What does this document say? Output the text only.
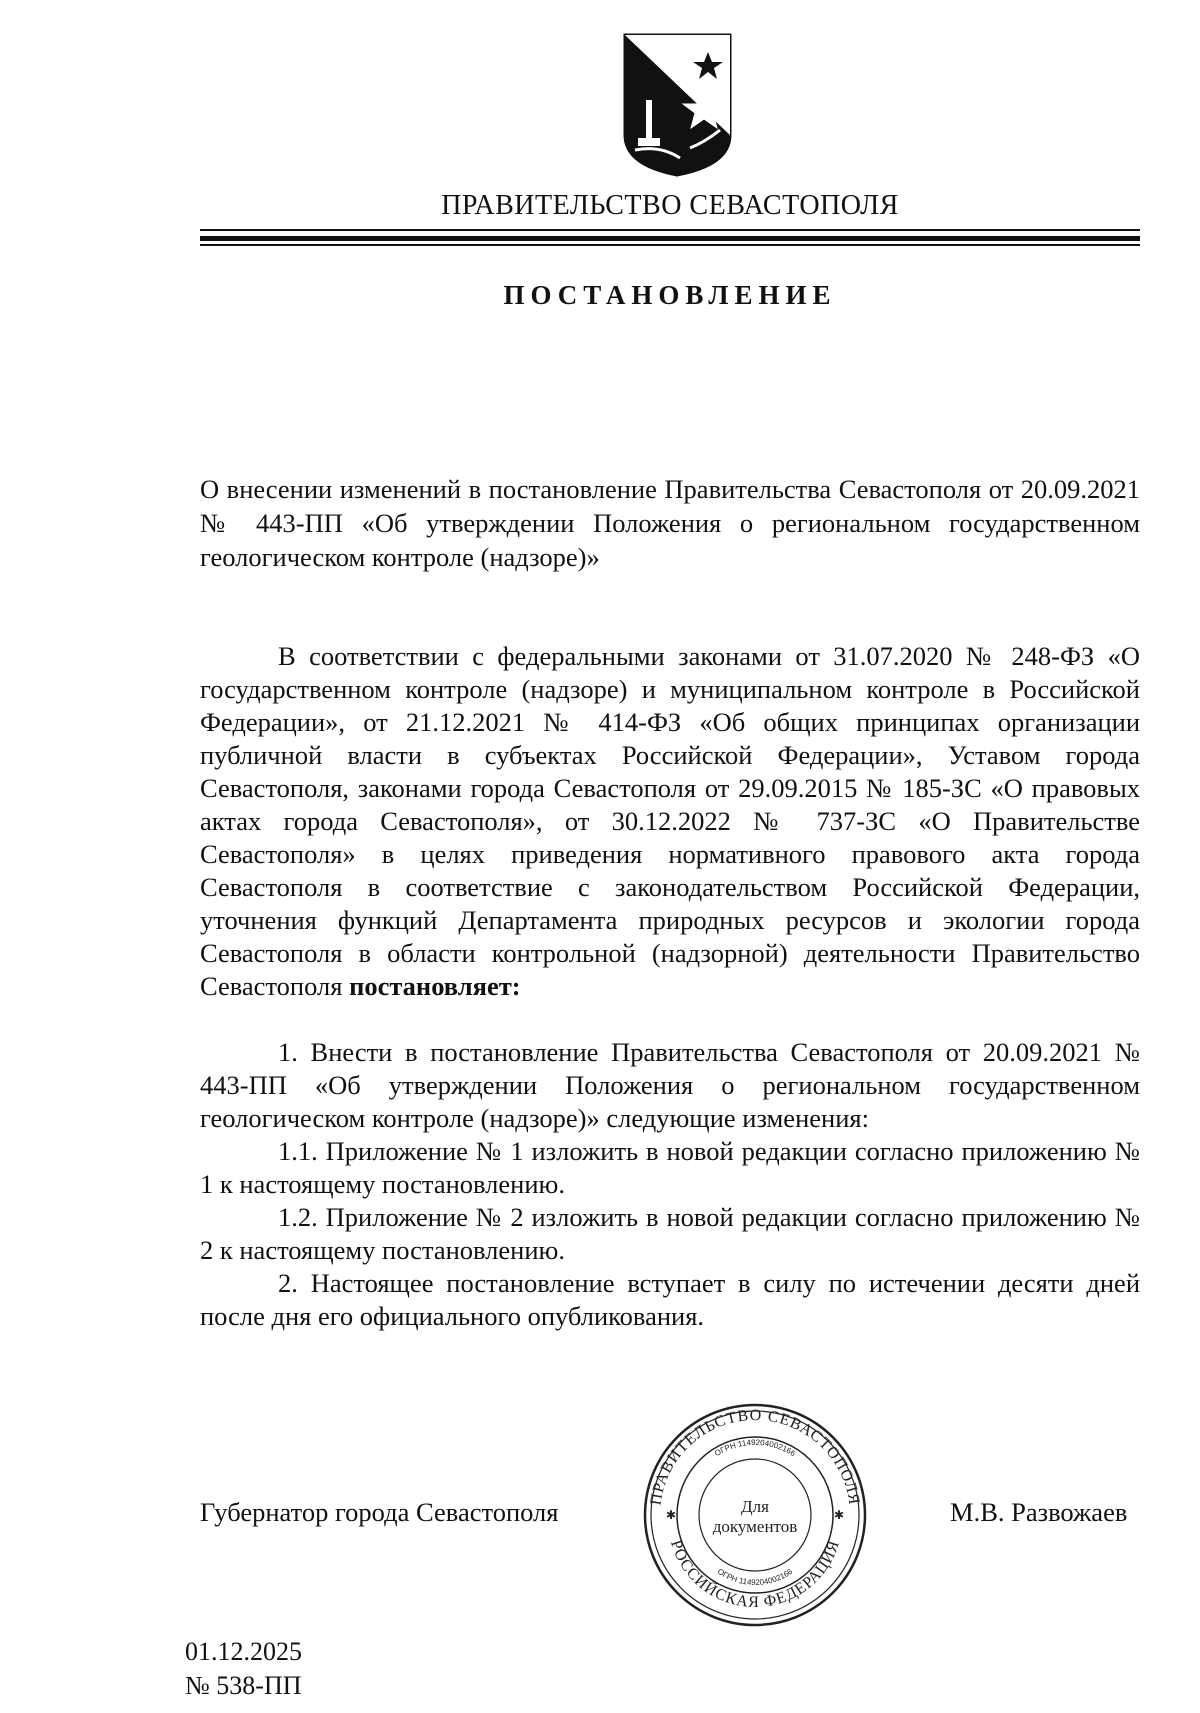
ПРАВИТЕЛЬСТВО СЕВАСТОПОЛЯ
ПОСТАНОВЛЕНИЕ
О внесении изменений в постановление Правительства Севастополя от 20.09.2021 № 443-ПП «Об утверждении Положения о региональном государственном геологическом контроле (надзоре)»

В соответствии с федеральными законами от 31.07.2020 № 248-ФЗ «О государственном контроле (надзоре) и муниципальном контроле в Российской Федерации», от 21.12.2021 № 414-ФЗ «Об общих принципах организации публичной власти в субъектах Российской Федерации», Уставом города Севастополя, законами города Севастополя от 29.09.2015 № 185-ЗС «О правовых актах города Севастополя», от 30.12.2022 № 737-ЗС «О Правительстве Севастополя» в целях приведения нормативного правового акта города Севастополя в соответствие с законодательством Российской Федерации, уточнения функций Департамента природных ресурсов и экологии города Севастополя в области контрольной (надзорной) деятельности Правительство Севастополя постановляет:

1. Внести в постановление Правительства Севастополя от 20.09.2021 № 443-ПП «Об утверждении Положения о региональном государственном геологическом контроле (надзоре)» следующие изменения:

1.1. Приложение № 1 изложить в новой редакции согласно приложению № 1 к настоящему постановлению.

1.2. Приложение № 2 изложить в новой редакции согласно приложению № 2 к настоящему постановлению.

2. Настоящее постановление вступает в силу по истечении десяти дней после дня его официального опубликования.

Губернатор города Севастополя	М.В. Развожаев
ПРАВИТЕЛЬСТВО СЕВАСТОПОЛЯ
РОССИЙСКАЯ ФЕДЕРАЦИЯ
ОГРН 1149204002166
ОГРН 1149204002166
Для
документов
✱	✱
01.12.2025
№ 538-ПП
